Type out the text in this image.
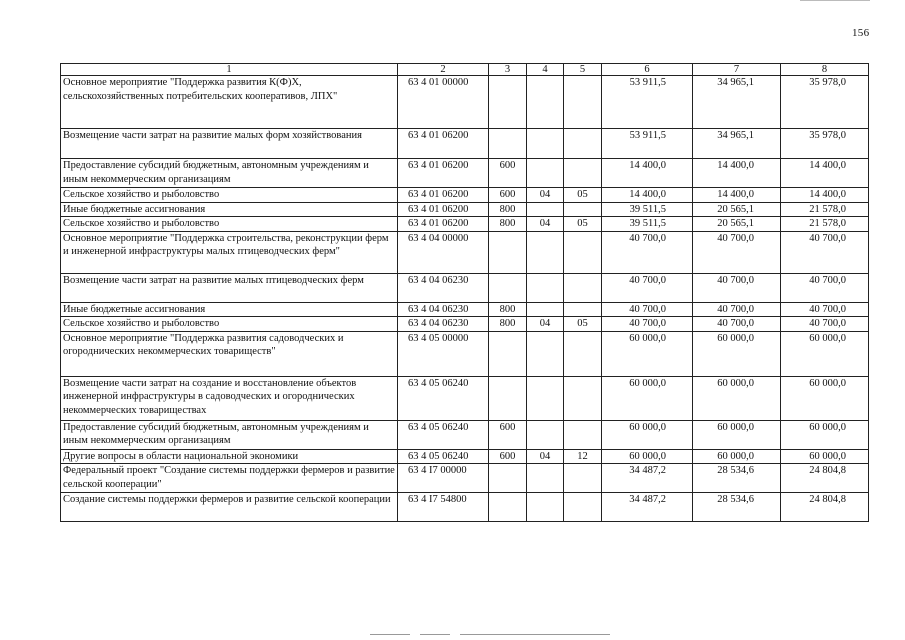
156
1	2	3	4	5	6	7	8
Основное мероприятие "Поддержка развития К(Ф)Х, сельскохозяйственных потребительских кооперативов, ЛПХ"	63 4 01 00000				53 911,5	34 965,1	35 978,0
Возмещение части затрат на развитие малых форм хозяйствования	63 4 01 06200				53 911,5	34 965,1	35 978,0
Предоставление субсидий бюджетным, автономным учреждениям и иным некоммерческим организациям	63 4 01 06200	600			14 400,0	14 400,0	14 400,0
Сельское хозяйство и рыболовство	63 4 01 06200	600	04	05	14 400,0	14 400,0	14 400,0
Иные бюджетные ассигнования	63 4 01 06200	800			39 511,5	20 565,1	21 578,0
Сельское хозяйство и рыболовство	63 4 01 06200	800	04	05	39 511,5	20 565,1	21 578,0
Основное мероприятие "Поддержка строительства, реконструкции ферм и инженерной инфраструктуры малых птицеводческих ферм"	63 4 04 00000				40 700,0	40 700,0	40 700,0
Возмещение части затрат на развитие малых птицеводческих ферм	63 4 04 06230				40 700,0	40 700,0	40 700,0
Иные бюджетные ассигнования	63 4 04 06230	800			40 700,0	40 700,0	40 700,0
Сельское хозяйство и рыболовство	63 4 04 06230	800	04	05	40 700,0	40 700,0	40 700,0
Основное мероприятие "Поддержка развития садоводческих и огороднических некоммерческих товариществ"	63 4 05 00000				60 000,0	60 000,0	60 000,0
Возмещение части затрат на создание и восстановление объектов инженерной инфраструктуры в садоводческих и огороднических некоммерческих товариществах	63 4 05 06240				60 000,0	60 000,0	60 000,0
Предоставление субсидий бюджетным, автономным учреждениям и иным некоммерческим организациям	63 4 05 06240	600			60 000,0	60 000,0	60 000,0
Другие вопросы в области национальной экономики	63 4 05 06240	600	04	12	60 000,0	60 000,0	60 000,0
Федеральный проект "Создание системы поддержки фермеров и развитие сельской кооперации"	63 4 I7 00000				34 487,2	28 534,6	24 804,8
Создание системы поддержки фермеров и развитие сельской кооперации	63 4 I7 54800				34 487,2	28 534,6	24 804,8
